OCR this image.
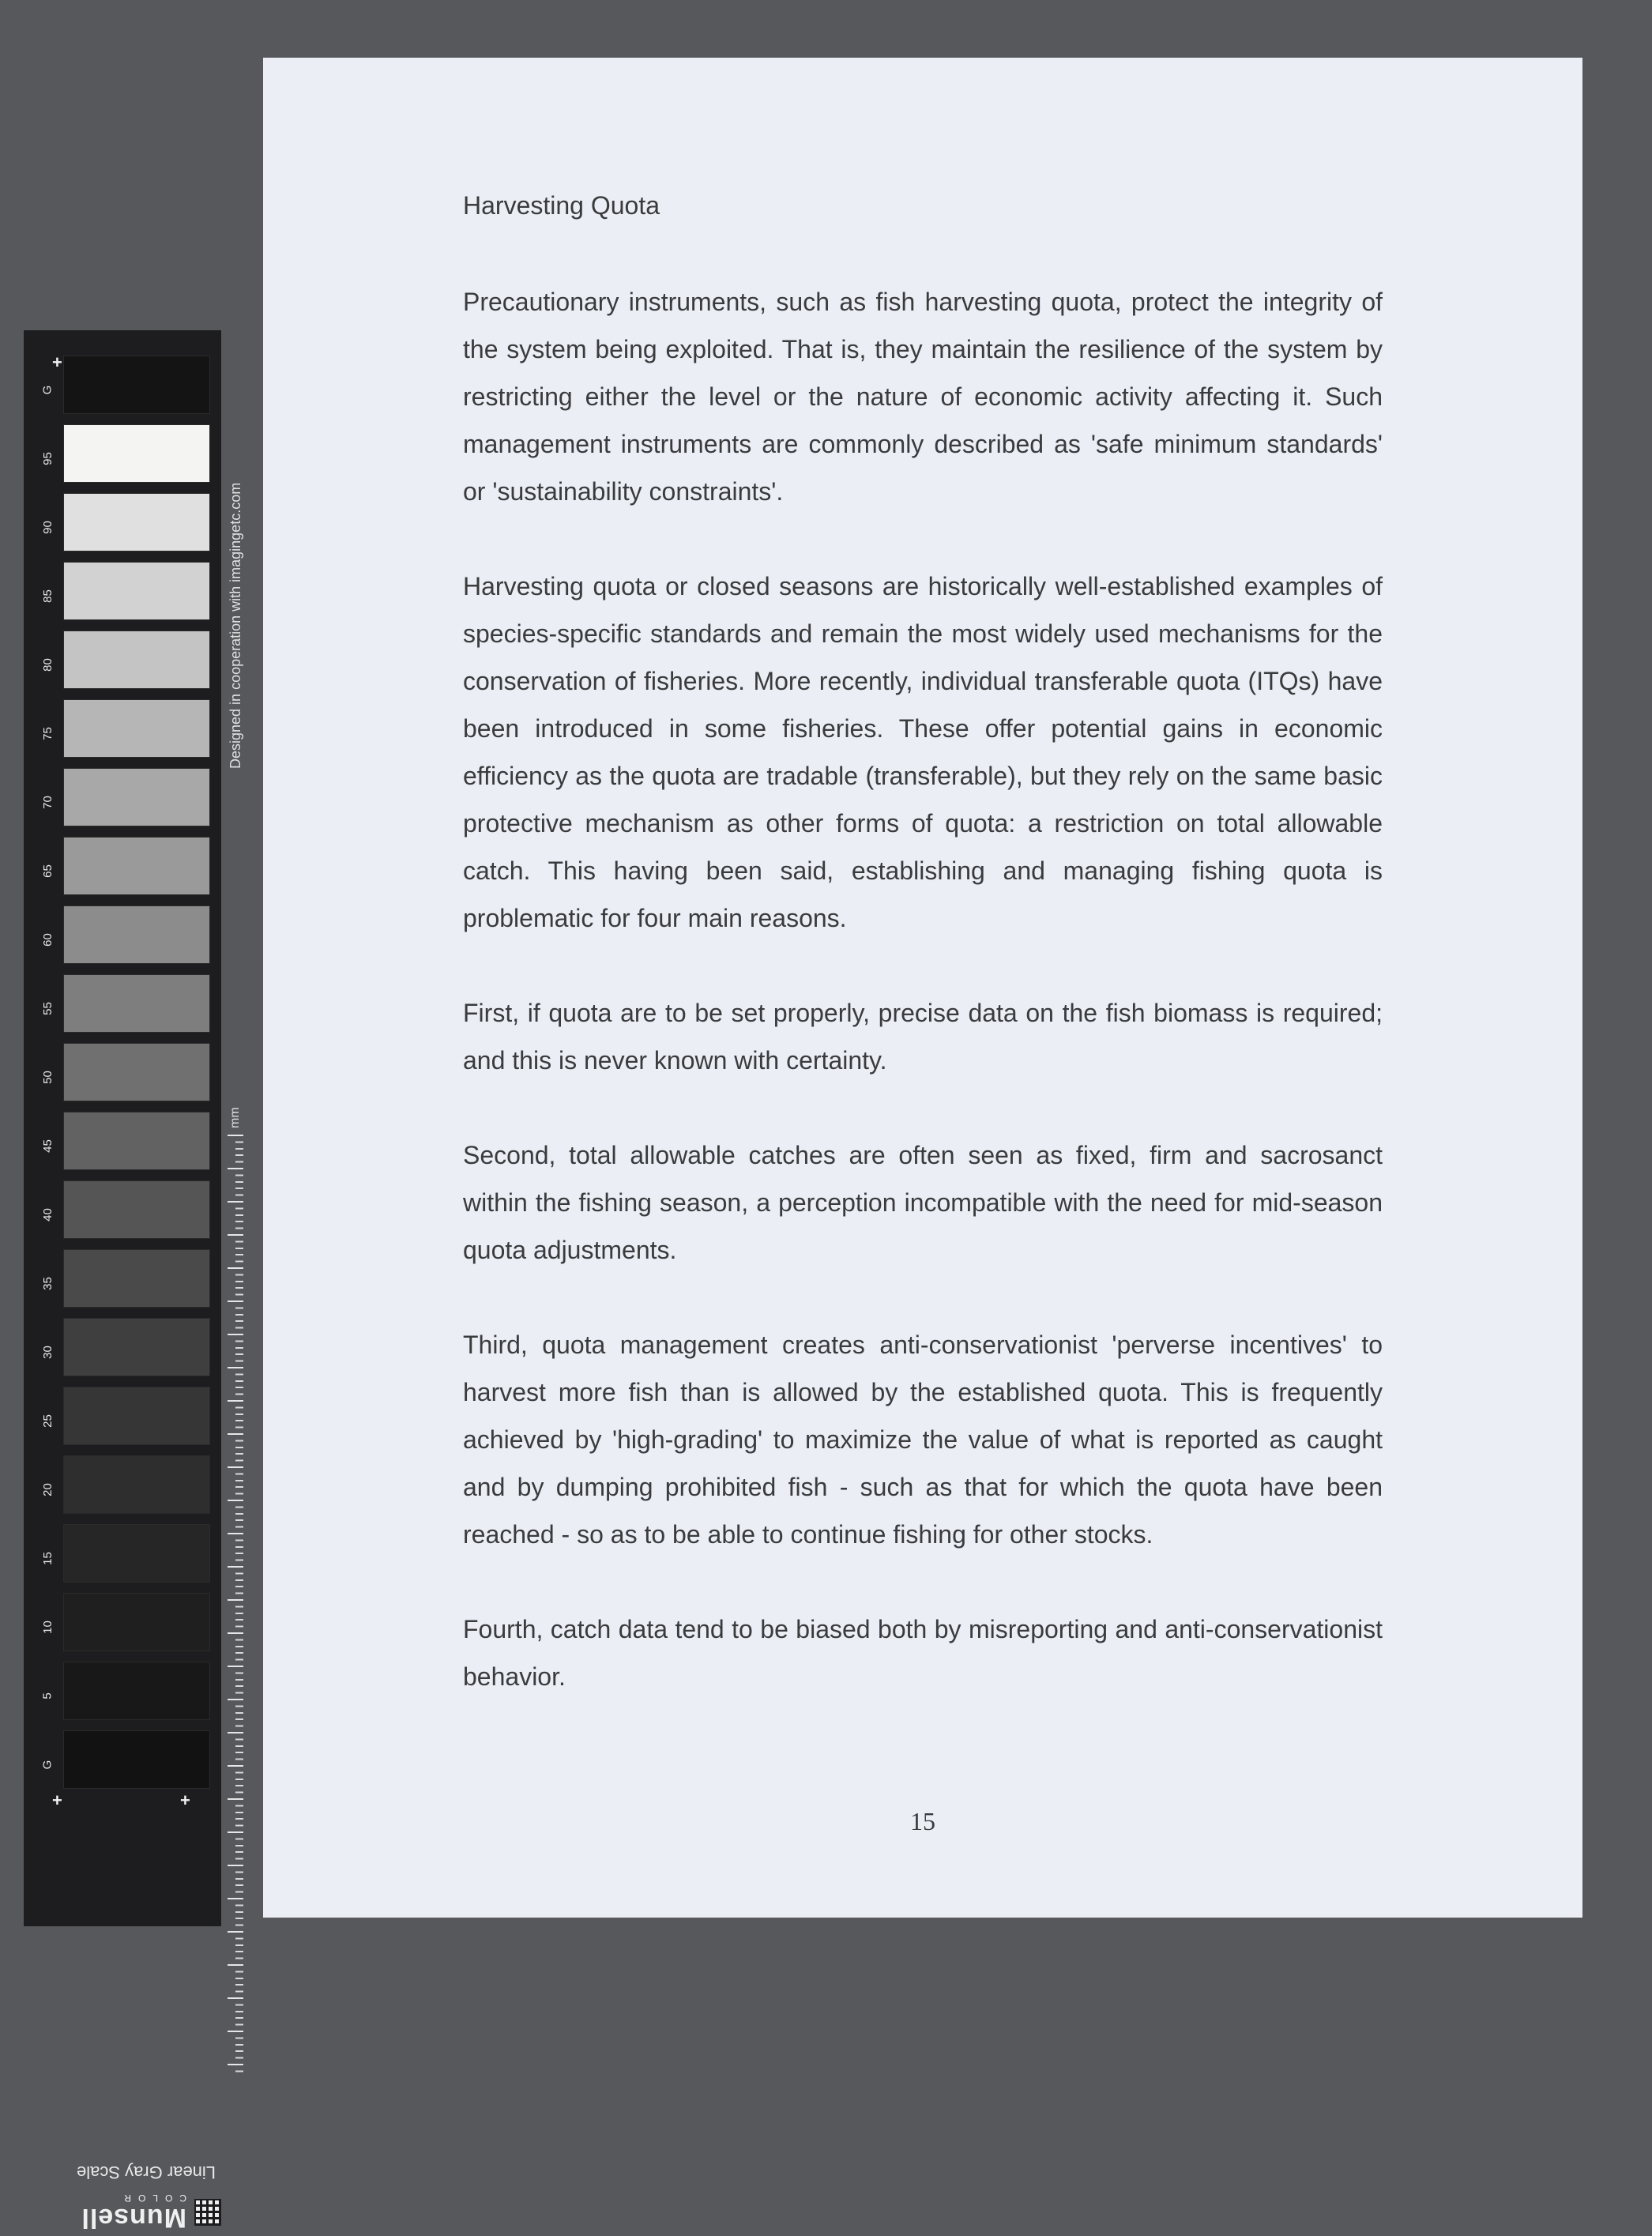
+
G
95
90
85
80
75
70
65
60
55
50
45
40
35
30
25
20
15
10
5
G
+	+
Designed in cooperation with imagingetc.com
mm
Linear Gray Scale
Munsell
COLOR
Harvesting Quota

Precautionary instruments, such as fish harvesting quota, protect the integrity of the system being exploited. That is, they maintain the resilience of the system by restricting either the level or the nature of economic activity affecting it. Such management instruments are commonly described as 'safe minimum standards' or 'sustainability constraints'.

Harvesting quota or closed seasons are historically well-established examples of species-specific standards and remain the most widely used mechanisms for the conservation of fisheries. More recently, individual transferable quota (ITQs) have been introduced in some fisheries. These offer potential gains in economic efficiency as the quota are tradable (transferable), but they rely on the same basic protective mechanism as other forms of quota: a restriction on total allowable catch. This having been said, establishing and managing fishing quota is problematic for four main reasons.

First, if quota are to be set properly, precise data on the fish biomass is required; and this is never known with certainty.

Second, total allowable catches are often seen as fixed, firm and sacrosanct within the fishing season, a perception incompatible with the need for mid-season quota adjustments.

Third, quota management creates anti-conservationist 'perverse incentives' to harvest more fish than is allowed by the established quota. This is frequently achieved by 'high-grading' to maximize the value of what is reported as caught and by dumping prohibited fish - such as that for which the quota have been reached - so as to be able to continue fishing for other stocks.

Fourth, catch data tend to be biased both by misreporting and anti-conservationist behavior.

15
